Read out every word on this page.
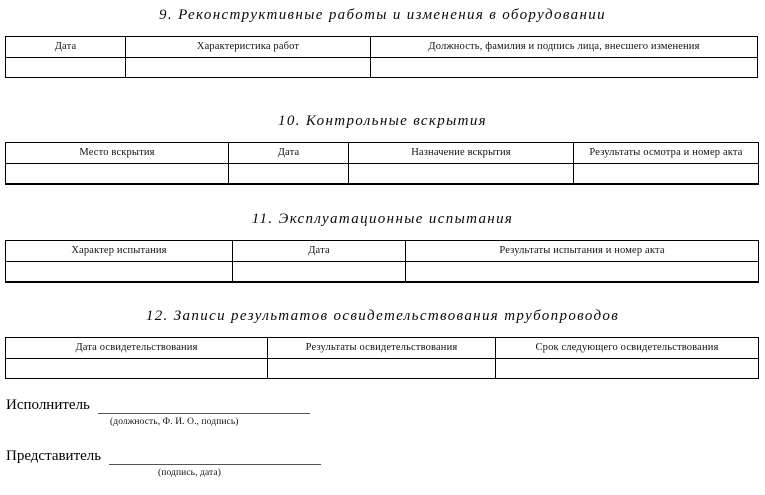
9. Реконструктивные работы и изменения в оборудовании
Дата	Характеристика работ	Должность, фамилия и подпись лица, внесшего изменения

10. Контрольные вскрытия
Место вскрытия	Дата	Назначение вскрытия	Результаты осмотра и номер акта

11. Эксплуатационные испытания
Характер испытания	Дата	Результаты испытания и номер акта

12. Записи результатов освидетельствования трубопроводов
Дата освидетельствования	Результаты освидетельствования	Срок следующего освидетельствования

Исполнитель
(должность, Ф. И. О., подпись)
Представитель
(подпись, дата)
